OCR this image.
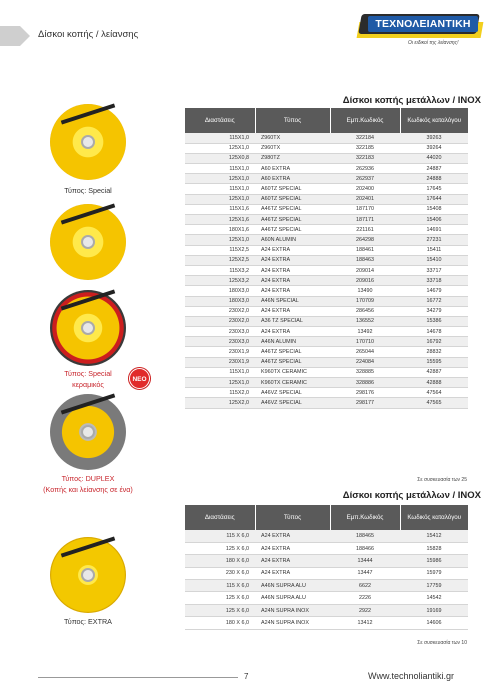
Δίσκοι κοπής / λείανσης
ΤΕΧΝΟΛΕΙΑΝΤΙΚΗ
Οι ειδικοί της λείανσης!
Δίσκοι κοπής μετάλλων / INOX
Διαστάσεις	Τύπος	Εμπ.Κωδικός	Κωδικός καταλόγου
115X1,0	Z960TX	322184	39263
125X1,0	Z960TX	322185	39264
125X0,8	Z980TZ	322183	44020
115X1,0	A60 EXTRA	262936	24887
125X1,0	A60 EXTRA	262937	24888
115X1,0	A60TZ SPECIAL	202400	17645
125X1,0	A60TZ SPECIAL	202401	17644
115X1,6	A46TZ SPECIAL	187170	15408
125X1,6	A46TZ SPECIAL	187171	15406
180X1,6	A46TZ SPECIAL	221161	14691
125X1,0	A60N ALUMIN	264298	27231
115X2,5	A24 EXTRA	188461	15411
125X2,5	A24 EXTRA	188463	15410
115X3,2	A24 EXTRA	209014	33717
125X3,2	A24 EXTRA	209016	33718
180X3,0	A24 EXTRA	13490	14679
180X3,0	A46N SPECIAL	170709	16772
230X2,0	A24 EXTRA	286456	34279
230X2,0	A36 TZ SPECIAL	136552	15386
230X3,0	A24 EXTRA	13492	14678
230X3,0	A46N ALUMIN	170710	16792
230X1,9	A46TZ SPECIAL	265044	28832
230X1,9	A46TZ SPECIAL	224084	15595
115X1,0	K960TX CERAMIC	328885	42887
125X1,0	K960TX CERAMIC	328886	42888
115X2,0	A46VZ SPECIAL	298176	47564
125X2,0	A46VZ SPECIAL	298177	47565
Σε συσκευασία των 25
Δίσκοι κοπής μετάλλων / INOX
Διαστάσεις	Τύπος	Εμπ.Κωδικός	Κωδικός καταλόγου
115 X 6,0	A24 EXTRA	188465	15412
125 X 6,0	A24 EXTRA	188466	15828
180 X 6,0	A24 EXTRA	13444	15986
230 X 6,0	A24 EXTRA	13447	15979
115 X 6,0	A46N SUPRA ALU	6622	17759
125 X 6,0	A46N SUPRA ALU	2226	14542
125 X 6,0	A24N SUPRA INOX	2922	19169
180 X 6,0	A24N SUPRA INOX	13412	14606
Σε συσκευασία των 10
Τύπος: Special
NEO
Τύπος: Special
κεραμικός
Τύπος: DUPLEX
(Κοπής και λείανσης σε ένα)
Τύπος: EXTRA
7	Www.technoliantiki.gr
